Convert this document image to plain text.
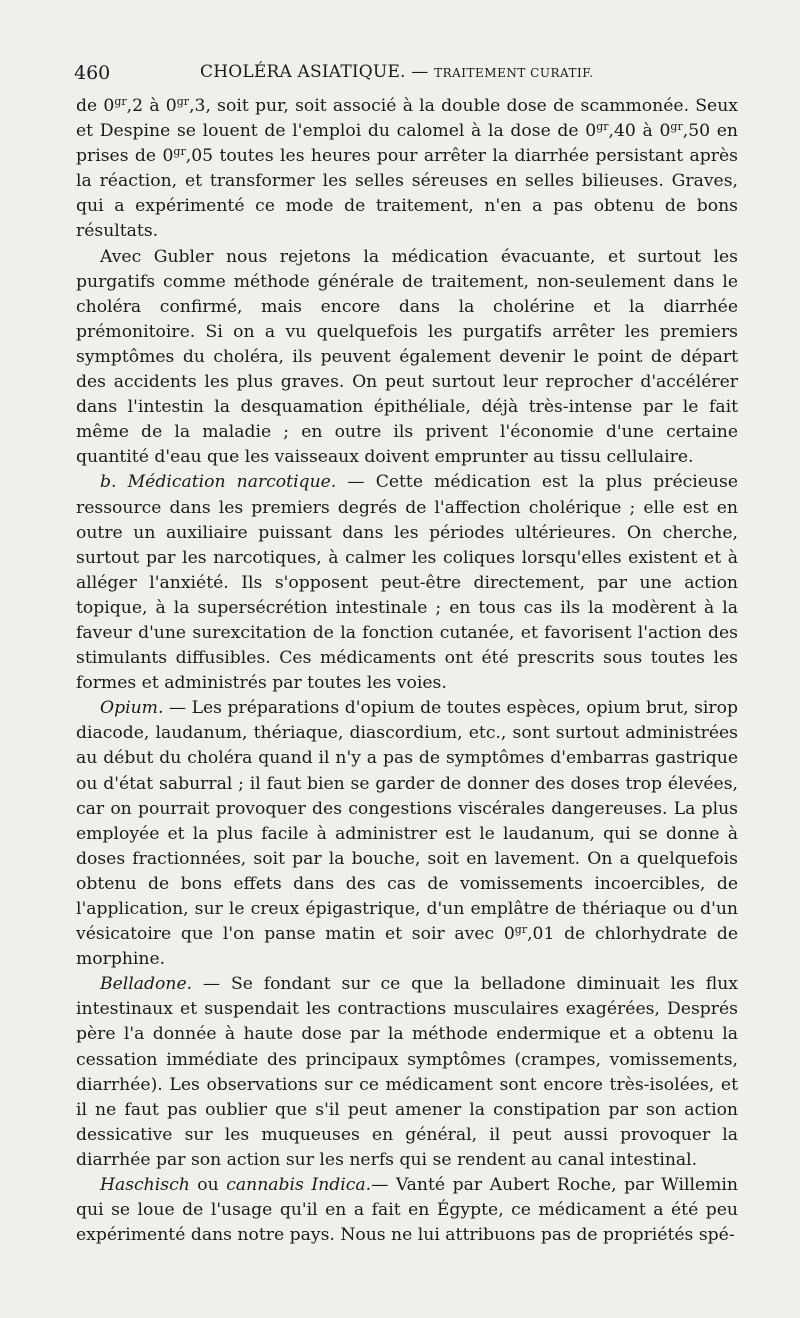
460	CHOLÉRA ASIATIQUE. — TRAITEMENT CURATIF.

de $0^{gr},2$ à $0^{gr},3$, soit pur, soit associé à la double dose de scammonée. Seux et Despine se louent de l'emploi du calomel à la dose de $0^{gr},40$ à $0^{gr},50$ en prises de $0^{gr},05$ toutes les heures pour arrêter la diarrhée persistant après la réaction, et transformer les selles séreuses en selles bilieuses. Graves, qui a expérimenté ce mode de traitement, n'en a pas obtenu de bons résultats.

Avec Gubler nous rejetons la médication évacuante, et surtout les purgatifs comme méthode générale de traitement, non-seulement dans le choléra confirmé, mais encore dans la cholérine et la diarrhée prémonitoire. Si on a vu quelquefois les purgatifs arrêter les premiers symptômes du choléra, ils peuvent également devenir le point de départ des accidents les plus graves. On peut surtout leur reprocher d'accélérer dans l'intestin la desquamation épithéliale, déjà très-intense par le fait même de la maladie ; en outre ils privent l'économie d'une certaine quantité d'eau que les vaisseaux doivent emprunter au tissu cellulaire.

b. Médication narcotique. — Cette médication est la plus précieuse ressource dans les premiers degrés de l'affection cholérique ; elle est en outre un auxiliaire puissant dans les périodes ultérieures. On cherche, surtout par les narcotiques, à calmer les coliques lorsqu'elles existent et à alléger l'anxiété. Ils s'opposent peut-être directement, par une action topique, à la supersécrétion intestinale ; en tous cas ils la modèrent à la faveur d'une surexcitation de la fonction cutanée, et favorisent l'action des stimulants diffusibles. Ces médicaments ont été prescrits sous toutes les formes et administrés par toutes les voies.

Opium. — Les préparations d'opium de toutes espèces, opium brut, sirop diacode, laudanum, thériaque, diascordium, etc., sont surtout administrées au début du choléra quand il n'y a pas de symptômes d'embarras gastrique ou d'état saburral ; il faut bien se garder de donner des doses trop élevées, car on pourrait provoquer des congestions viscérales dangereuses. La plus employée et la plus facile à administrer est le laudanum, qui se donne à doses fractionnées, soit par la bouche, soit en lavement. On a quelquefois obtenu de bons effets dans des cas de vomissements incoercibles, de l'application, sur le creux épigastrique, d'un emplâtre de thériaque ou d'un vésicatoire que l'on panse matin et soir avec $0^{gr},01$ de chlorhydrate de morphine.

Belladone. — Se fondant sur ce que la belladone diminuait les flux intestinaux et suspendait les contractions musculaires exagérées, Després père l'a donnée à haute dose par la méthode endermique et a obtenu la cessation immédiate des principaux symptômes (crampes, vomissements, diarrhée). Les observations sur ce médicament sont encore très-isolées, et il ne faut pas oublier que s'il peut amener la constipation par son action dessicative sur les muqueuses en général, il peut aussi provoquer la diarrhée par son action sur les nerfs qui se rendent au canal intestinal.

Haschisch ou cannabis Indica.— Vanté par Aubert Roche, par Willemin qui se loue de l'usage qu'il en a fait en Égypte, ce médicament a été peu expérimenté dans notre pays. Nous ne lui attribuons pas de propriétés spé-
